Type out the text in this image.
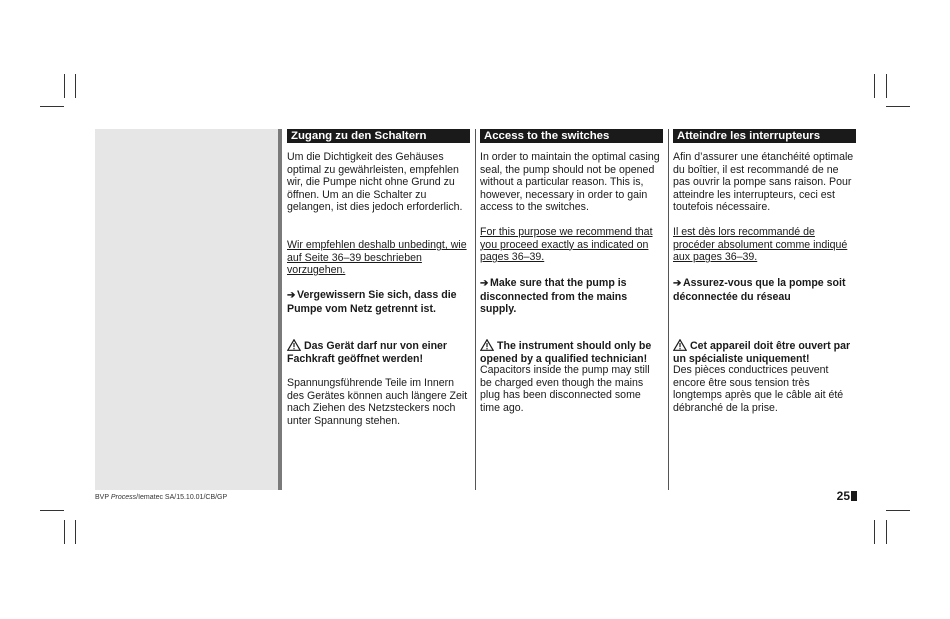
Zugang zu den Schaltern

Um die Dichtigkeit des Gehäuses optimal zu gewährleisten, empfehlen wir, die Pumpe nicht ohne Grund zu öffnen. Um an die Schalter zu gelangen, ist dies jedoch erforderlich.

Wir empfehlen deshalb unbedingt, wie auf Seite 36–39 beschrieben vorzugehen.

➔ Vergewissern Sie sich, dass die Pumpe vom Netz getrennt ist.

Das Gerät darf nur von einer Fachkraft geöffnet werden!

Spannungsführende Teile im Innern des Gerätes können auch längere Zeit nach Ziehen des Netzsteckers noch unter Spannung stehen.

Access to the switches

In order to maintain the optimal casing seal, the pump should not be opened without a particular reason. This is, however, necessary in order to gain access to the switches.

For this purpose we recommend that you proceed exactly as indicated on pages 36–39.

➔ Make sure that the pump is disconnected from the mains supply.

The instrument should only be opened by a qualified technician!

Capacitors inside the pump may still be charged even though the mains plug has been disconnected some time ago.

Atteindre les interrupteurs

Afin d’assurer une étanchéité optimale du boîtier, il est recommandé de ne pas ouvrir la pompe sans raison. Pour atteindre les interrupteurs, ceci est toutefois nécessaire.

Il est dès lors recommandé de procéder absolument comme indiqué aux pages 36–39.

➔ Assurez-vous que la pompe soit déconnectée du réseau

Cet appareil doit être ouvert par un spécialiste uniquement!

Des pièces conductrices peuvent encore être sous tension très longtemps après que le câble ait été débranché de la prise.

BVP Process/Iematec SA/15.10.01/CB/GP	25
